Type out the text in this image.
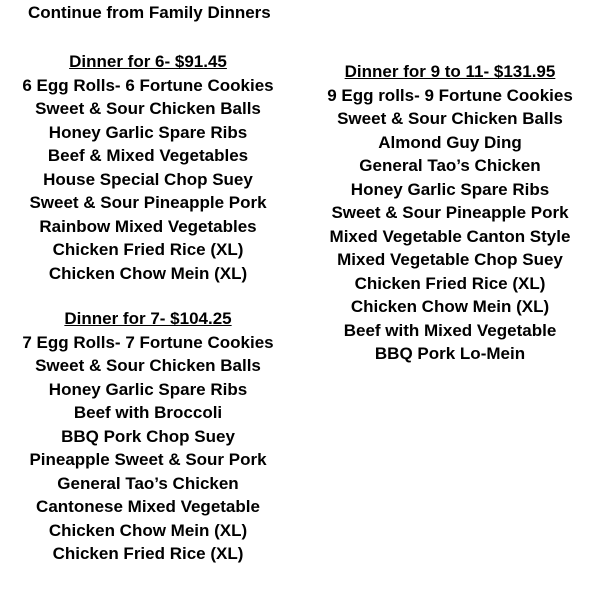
Continue from Family Dinners
Dinner for 6- $91.45
6 Egg Rolls- 6 Fortune Cookies
Sweet & Sour Chicken Balls
Honey Garlic Spare Ribs
Beef & Mixed Vegetables
House Special Chop Suey
Sweet & Sour Pineapple Pork
Rainbow Mixed Vegetables
Chicken Fried Rice (XL)
Chicken Chow Mein (XL)
Dinner for 7- $104.25
7 Egg Rolls- 7 Fortune Cookies
Sweet & Sour Chicken Balls
Honey Garlic Spare Ribs
Beef with Broccoli
BBQ Pork Chop Suey
Pineapple Sweet & Sour Pork
General Tao’s Chicken
Cantonese Mixed Vegetable
Chicken Chow Mein (XL)
Chicken Fried Rice (XL)
Dinner for 9 to 11- $131.95
9 Egg rolls- 9 Fortune Cookies
Sweet & Sour Chicken Balls
Almond Guy Ding
General Tao’s Chicken
Honey Garlic Spare Ribs
Sweet & Sour Pineapple Pork
Mixed Vegetable Canton Style
Mixed Vegetable Chop Suey
Chicken Fried Rice (XL)
Chicken Chow Mein (XL)
Beef with Mixed Vegetable
BBQ Pork Lo-Mein
